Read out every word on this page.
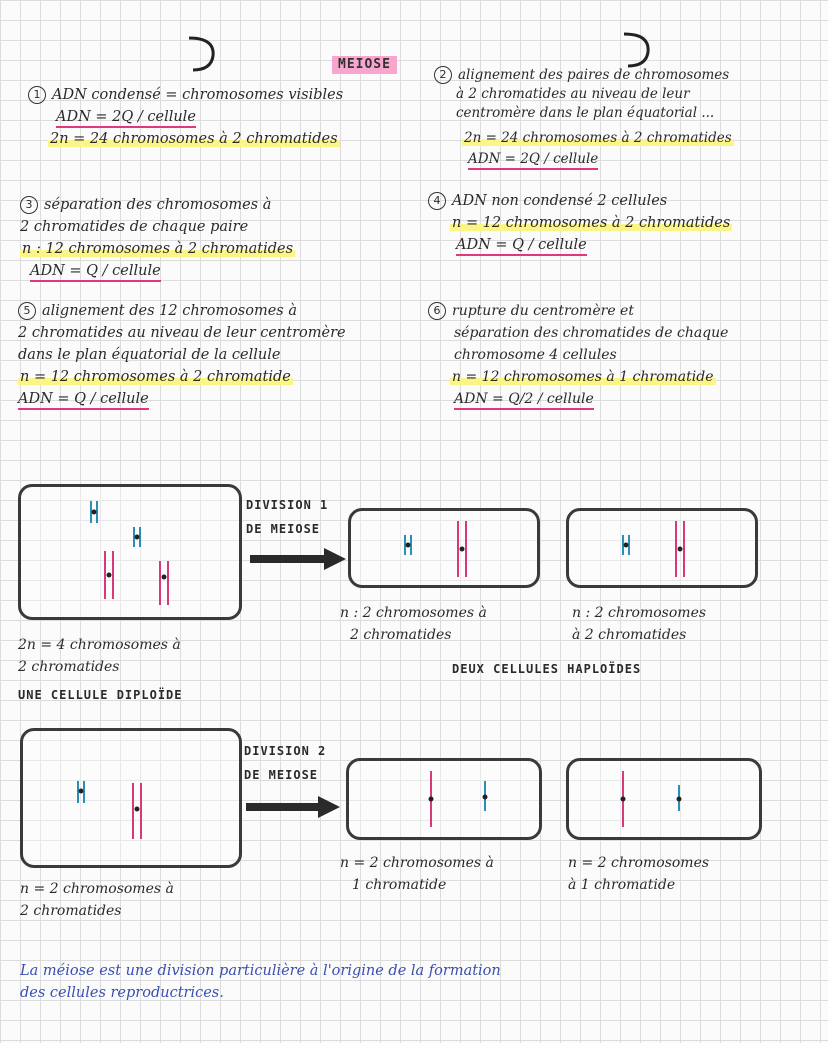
MEIOSE
1 ADN condensé = chromosomes visibles
ADN = 2Q / cellule
2n = 24 chromosomes à 2 chromatides
2 alignement des paires de chromosomes
à 2 chromatides au niveau de leur
centromère dans le plan équatorial ...
2n = 24 chromosomes à 2 chromatides
ADN = 2Q / cellule
3 séparation des chromosomes à
2 chromatides de chaque paire
n : 12 chromosomes à 2 chromatides
ADN = Q / cellule
4 ADN non condensé 2 cellules
n = 12 chromosomes à 2 chromatides
ADN = Q / cellule
5 alignement des 12 chromosomes à
2 chromatides au niveau de leur centromère
dans le plan équatorial de la cellule
n = 12 chromosomes à 2 chromatide
ADN = Q / cellule
6 rupture du centromère et
séparation des chromatides de chaque
chromosome 4 cellules
n = 12 chromosomes à 1 chromatide
ADN = Q/2 / cellule
DIVISION 1
DE MEIOSE
2n = 4 chromosomes à
2 chromatides
UNE CELLULE DIPLOÏDE
n : 2 chromosomes à
2 chromatides
n : 2 chromosomes
à 2 chromatides
DEUX CELLULES HAPLOÏDES
DIVISION 2
DE MEIOSE
n = 2 chromosomes à
2 chromatides
n = 2 chromosomes à
1 chromatide
n = 2 chromosomes
à 1 chromatide
La méiose est une division particulière à l'origine de la formation
des cellules reproductrices.
